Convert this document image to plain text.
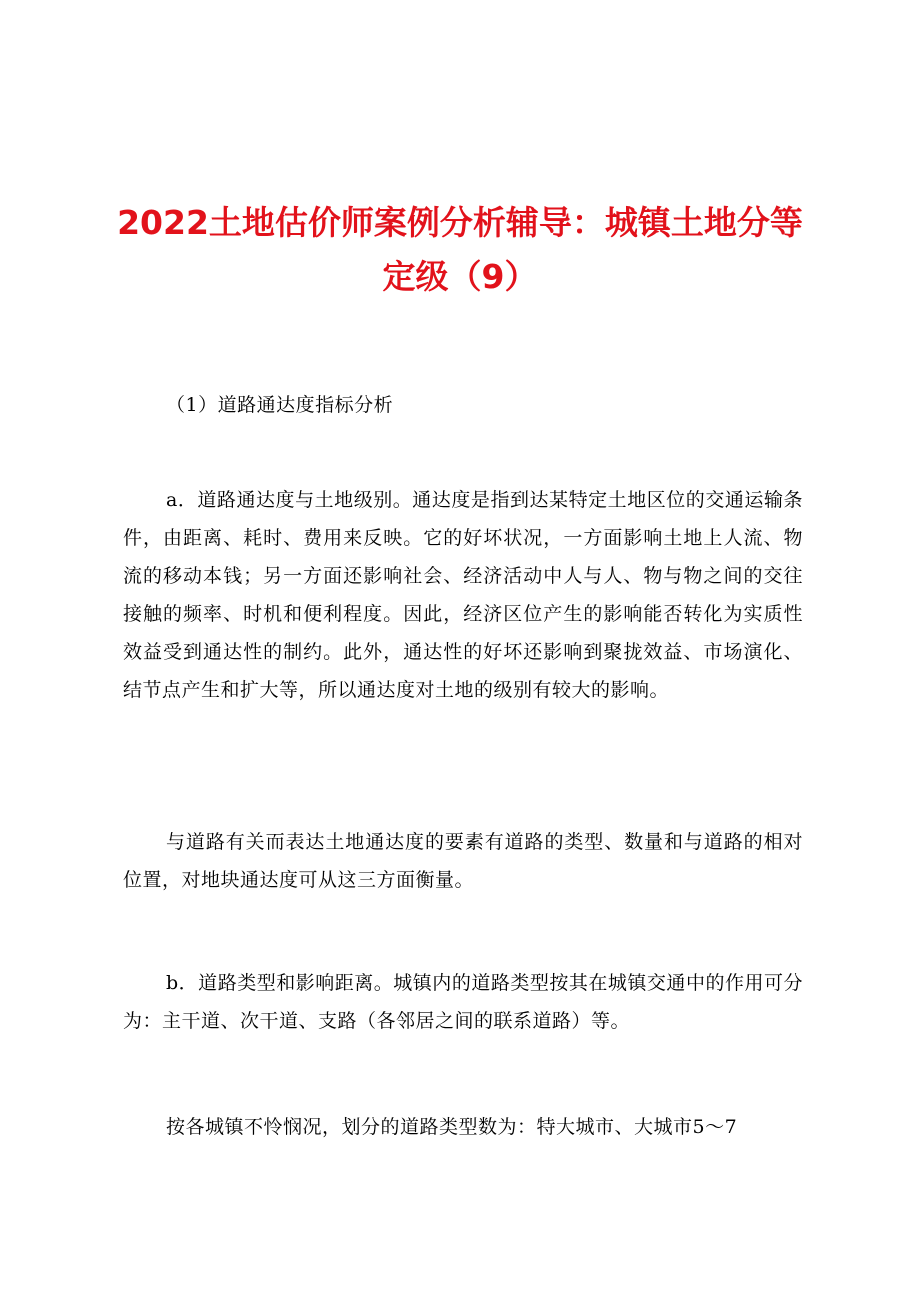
2022土地估价师案例分析辅导：城镇土地分等
定级（9）

（1）道路通达度指标分析

a．道路通达度与土地级别。通达度是指到达某特定土地区位的交通运输条件，由距离、耗时、费用来反映。它的好坏状况，一方面影响土地上人流、物流的移动本钱；另一方面还影响社会、经济活动中人与人、物与物之间的交往接触的频率、时机和便利程度。因此，经济区位产生的影响能否转化为实质性效益受到通达性的制约。此外，通达性的好坏还影响到聚拢效益、市场演化、结节点产生和扩大等，所以通达度对土地的级别有较大的影响。

与道路有关而表达土地通达度的要素有道路的类型、数量和与道路的相对位置，对地块通达度可从这三方面衡量。

b．道路类型和影响距离。城镇内的道路类型按其在城镇交通中的作用可分为：主干道、次干道、支路（各邻居之间的联系道路）等。

按各城镇不怜悯况，划分的道路类型数为：特大城市、大城市5～7
